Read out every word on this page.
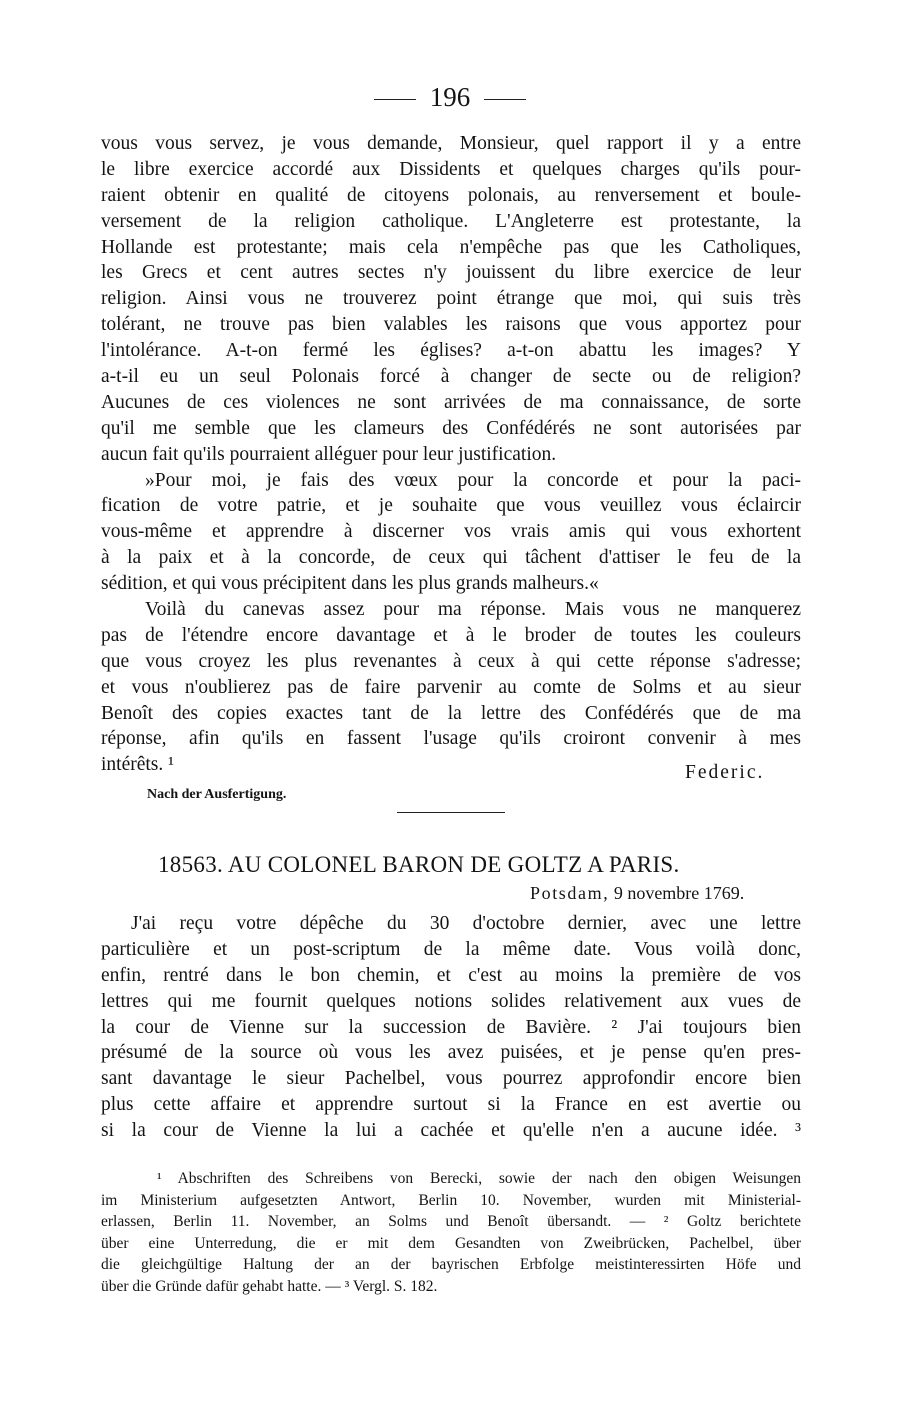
196
vous vous servez, je vous demande, Monsieur, quel rapport il y a entre
le libre exercice accordé aux Dissidents et quelques charges qu'ils pour-
raient obtenir en qualité de citoyens polonais, au renversement et boule-
versement de la religion catholique. L'Angleterre est protestante, la
Hollande est protestante; mais cela n'empêche pas que les Catholiques,
les Grecs et cent autres sectes n'y jouissent du libre exercice de leur
religion. Ainsi vous ne trouverez point étrange que moi, qui suis très
tolérant, ne trouve pas bien valables les raisons que vous apportez pour
l'intolérance. A-t-on fermé les églises? a-t-on abattu les images? Y
a-t-il eu un seul Polonais forcé à changer de secte ou de religion?
Aucunes de ces violences ne sont arrivées de ma connaissance, de sorte
qu'il me semble que les clameurs des Confédérés ne sont autorisées par
aucun fait qu'ils pourraient alléguer pour leur justification.
»Pour moi, je fais des vœux pour la concorde et pour la paci-
fication de votre patrie, et je souhaite que vous veuillez vous éclaircir
vous-même et apprendre à discerner vos vrais amis qui vous exhortent
à la paix et à la concorde, de ceux qui tâchent d'attiser le feu de la
sédition, et qui vous précipitent dans les plus grands malheurs.«
Voilà du canevas assez pour ma réponse. Mais vous ne manquerez
pas de l'étendre encore davantage et à le broder de toutes les couleurs
que vous croyez les plus revenantes à ceux à qui cette réponse s'adresse;
et vous n'oublierez pas de faire parvenir au comte de Solms et au sieur
Benoît des copies exactes tant de la lettre des Confédérés que de ma
réponse, afin qu'ils en fassent l'usage qu'ils croiront convenir à mes
intérêts. ¹	Federic.
Nach der Ausfertigung.
18563. AU COLONEL BARON DE GOLTZ A PARIS.
Potsdam, 9 novembre 1769.
J'ai reçu votre dépêche du 30 d'octobre dernier, avec une lettre
particulière et un post-scriptum de la même date. Vous voilà donc,
enfin, rentré dans le bon chemin, et c'est au moins la première de vos
lettres qui me fournit quelques notions solides relativement aux vues de
la cour de Vienne sur la succession de Bavière. ² J'ai toujours bien
présumé de la source où vous les avez puisées, et je pense qu'en pres-
sant davantage le sieur Pachelbel, vous pourrez approfondir encore bien
plus cette affaire et apprendre surtout si la France en est avertie ou
si la cour de Vienne la lui a cachée et qu'elle n'en a aucune idée. ³
¹ Abschriften des Schreibens von Berecki, sowie der nach den obigen Weisungen
im Ministerium aufgesetzten Antwort, Berlin 10. November, wurden mit Ministerial-
erlassen, Berlin 11. November, an Solms und Benoît übersandt. — ² Goltz berichtete
über eine Unterredung, die er mit dem Gesandten von Zweibrücken, Pachelbel, über
die gleichgültige Haltung der an der bayrischen Erbfolge meistinteressirten Höfe und
über die Gründe dafür gehabt hatte. — ³ Vergl. S. 182.
